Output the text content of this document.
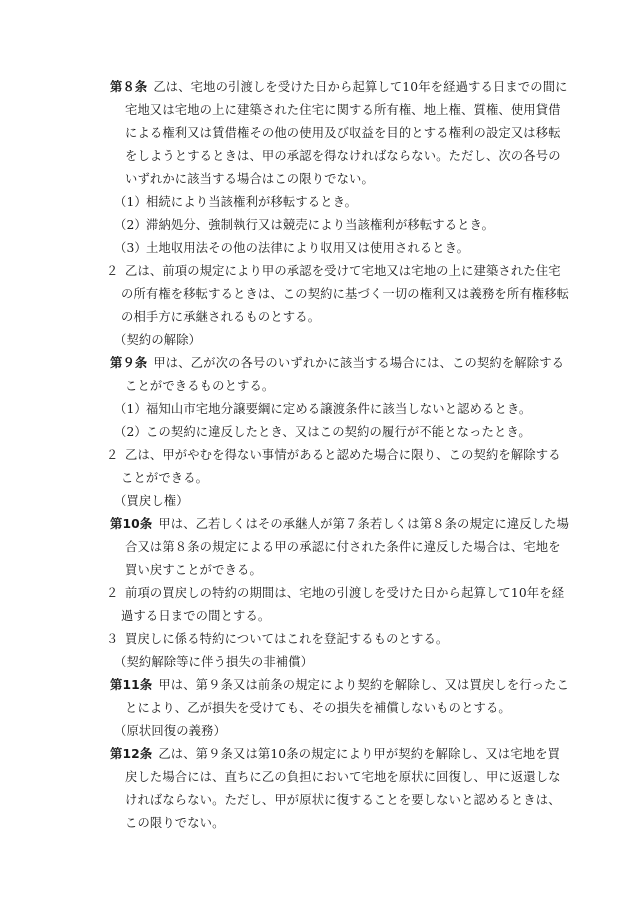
第８条 乙は、宅地の引渡しを受けた日から起算して10年を経過する日までの間に宅地又は宅地の上に建築された住宅に関する所有権、地上権、質権、使用貸借による権利又は賃借権その他の使用及び収益を目的とする権利の設定又は移転をしようとするときは、甲の承認を得なければならない。ただし、次の各号のいずれかに該当する場合はこの限りでない。

（1）相続により当該権利が移転するとき。

（2）滞納処分、強制執行又は競売により当該権利が移転するとき。

（3）土地収用法その他の法律により収用又は使用されるとき。

２ 乙は、前項の規定により甲の承認を受けて宅地又は宅地の上に建築された住宅の所有権を移転するときは、この契約に基づく一切の権利又は義務を所有権移転の相手方に承継されるものとする。

（契約の解除）

第９条 甲は、乙が次の各号のいずれかに該当する場合には、この契約を解除することができるものとする。

（1）福知山市宅地分譲要綱に定める譲渡条件に該当しないと認めるとき。

（2）この契約に違反したとき、又はこの契約の履行が不能となったとき。

２ 乙は、甲がやむを得ない事情があると認めた場合に限り、この契約を解除することができる。

（買戻し権）

第10条 甲は、乙若しくはその承継人が第７条若しくは第８条の規定に違反した場合又は第８条の規定による甲の承認に付された条件に違反した場合は、宅地を買い戻すことができる。

２ 前項の買戻しの特約の期間は、宅地の引渡しを受けた日から起算して10年を経過する日までの間とする。

３ 買戻しに係る特約についてはこれを登記するものとする。

（契約解除等に伴う損失の非補償）

第11条 甲は、第９条又は前条の規定により契約を解除し、又は買戻しを行ったことにより、乙が損失を受けても、その損失を補償しないものとする。

（原状回復の義務）

第12条 乙は、第９条又は第10条の規定により甲が契約を解除し、又は宅地を買戻した場合には、直ちに乙の負担において宅地を原状に回復し、甲に返還しなければならない。ただし、甲が原状に復することを要しないと認めるときは、この限りでない。
